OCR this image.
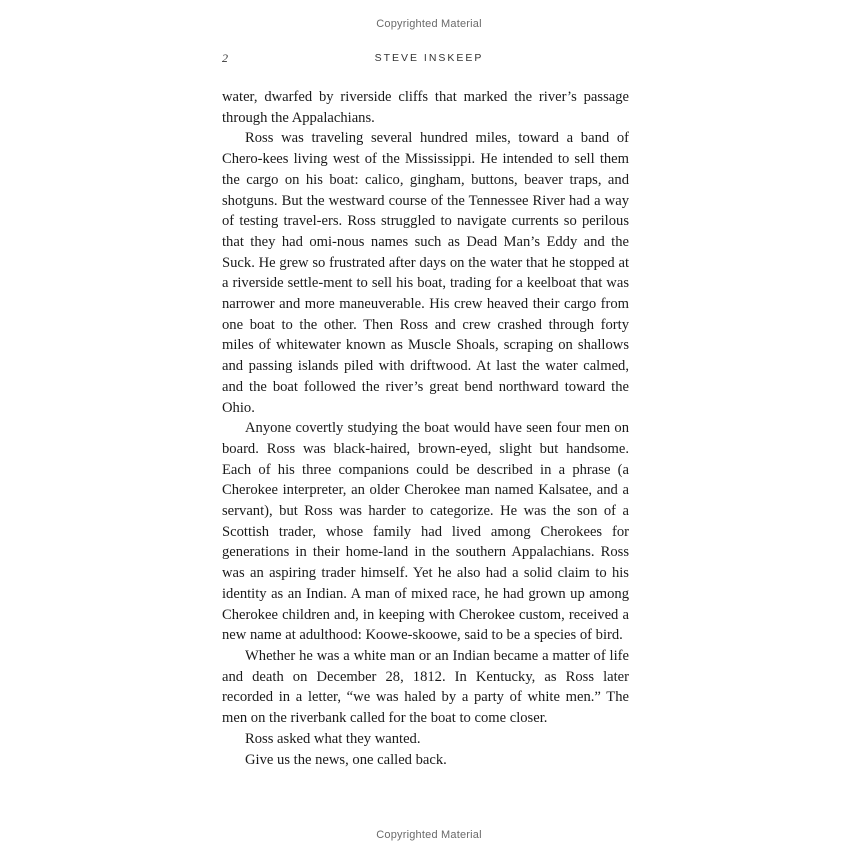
Copyrighted Material
2	STEVE INSKEEP

water, dwarfed by riverside cliffs that marked the river’s passage through the Appalachians.

Ross was traveling several hundred miles, toward a band of Chero-kees living west of the Mississippi. He intended to sell them the cargo on his boat: calico, gingham, buttons, beaver traps, and shotguns. But the westward course of the Tennessee River had a way of testing travel-ers. Ross struggled to navigate currents so perilous that they had omi-nous names such as Dead Man’s Eddy and the Suck. He grew so frustrated after days on the water that he stopped at a riverside settle-ment to sell his boat, trading for a keelboat that was narrower and more maneuverable. His crew heaved their cargo from one boat to the other. Then Ross and crew crashed through forty miles of whitewater known as Muscle Shoals, scraping on shallows and passing islands piled with driftwood. At last the water calmed, and the boat followed the river’s great bend northward toward the Ohio.

Anyone covertly studying the boat would have seen four men on board. Ross was black-haired, brown-eyed, slight but handsome. Each of his three companions could be described in a phrase (a Cherokee interpreter, an older Cherokee man named Kalsatee, and a servant), but Ross was harder to categorize. He was the son of a Scottish trader, whose family had lived among Cherokees for generations in their home-land in the southern Appalachians. Ross was an aspiring trader himself. Yet he also had a solid claim to his identity as an Indian. A man of mixed race, he had grown up among Cherokee children and, in keeping with Cherokee custom, received a new name at adulthood: Koowe-skoowe, said to be a species of bird.

Whether he was a white man or an Indian became a matter of life and death on December 28, 1812. In Kentucky, as Ross later recorded in a letter, “we was haled by a party of white men.” The men on the riverbank called for the boat to come closer.

Ross asked what they wanted.

Give us the news, one called back.

Copyrighted Material
